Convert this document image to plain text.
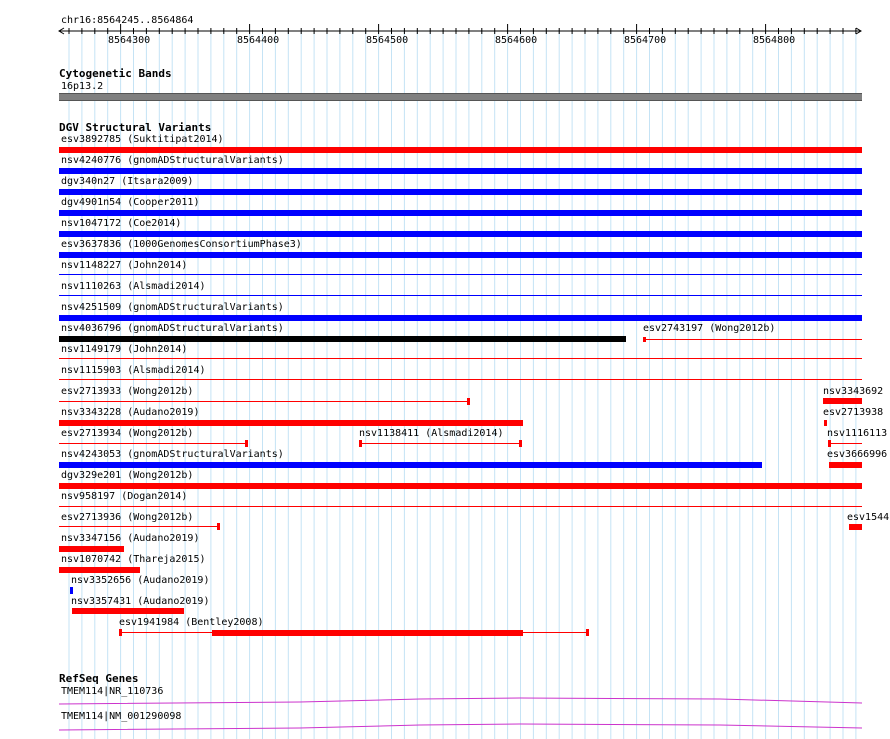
chr16:8564245..8564864
8564300	8564400	8564500	8564600	8564700	8564800
Cytogenetic Bands
16p13.2
DGV Structural Variants
esv3892785 (Suktitipat2014)
nsv4240776 (gnomADStructuralVariants)
dgv340n27 (Itsara2009)
dgv4901n54 (Cooper2011)
nsv1047172 (Coe2014)
esv3637836 (1000GenomesConsortiumPhase3)
nsv1148227 (John2014)
nsv1110263 (Alsmadi2014)
nsv4251509 (gnomADStructuralVariants)
nsv4036796 (gnomADStructuralVariants)	esv2743197 (Wong2012b)
nsv1149179 (John2014)
nsv1115903 (Alsmadi2014)
esv2713933 (Wong2012b)	nsv3343692
nsv3343228 (Audano2019)	esv2713938
esv2713934 (Wong2012b)	nsv1138411 (Alsmadi2014)	nsv1116113
nsv4243053 (gnomADStructuralVariants)	esv3666996
dgv329e201 (Wong2012b)
nsv958197 (Dogan2014)
esv2713936 (Wong2012b)	esv1544
nsv3347156 (Audano2019)
nsv1070742 (Thareja2015)
nsv3352656 (Audano2019)
nsv3357431 (Audano2019)
esv1941984 (Bentley2008)
RefSeq Genes
TMEM114|NR_110736
TMEM114|NM_001290098
